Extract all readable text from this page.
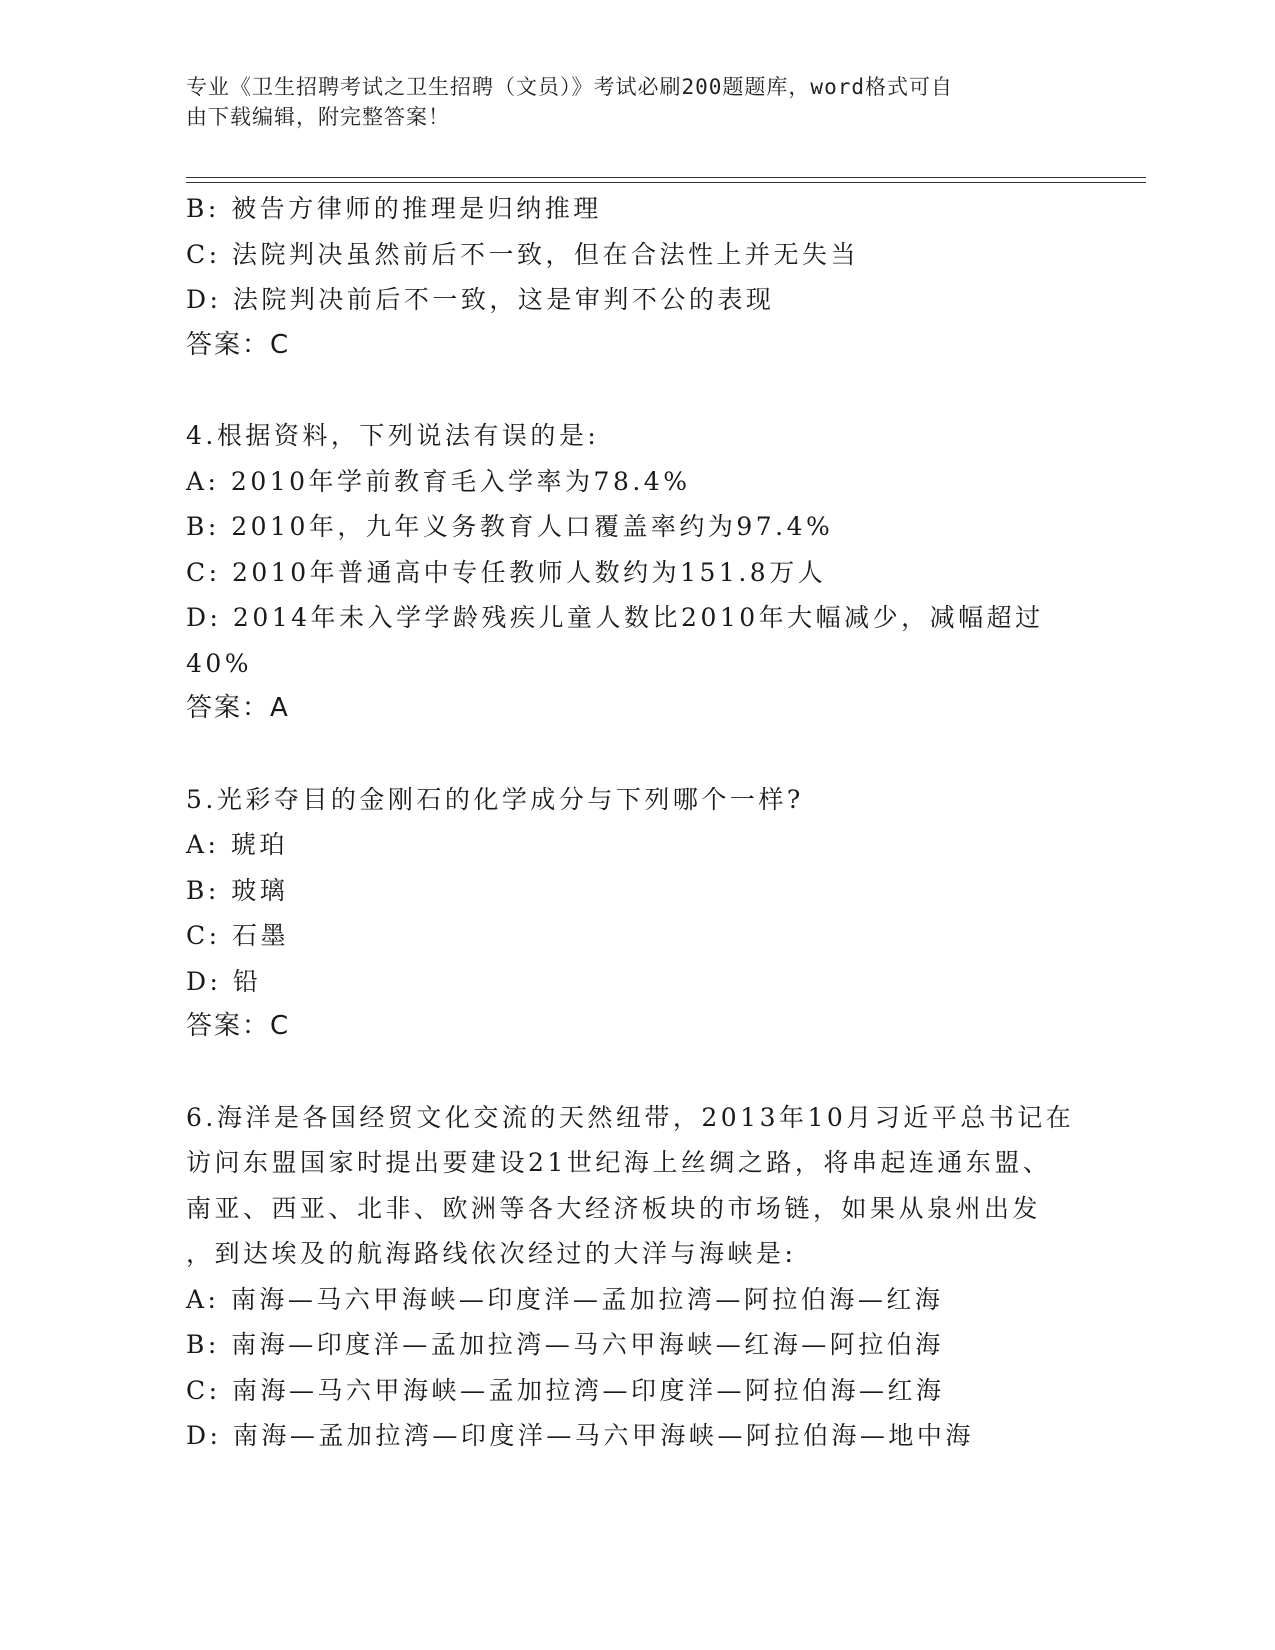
专业《卫生招聘考试之卫生招聘（文员）》考试必刷200题题库，word格式可自
由下载编辑，附完整答案！
B: 被告方律师的推理是归纳推理
C: 法院判决虽然前后不一致，但在合法性上并无失当
D: 法院判决前后不一致，这是审判不公的表现
答案：C
4.根据资料，下列说法有误的是:
A: 2010年学前教育毛入学率为78.4%
B: 2010年，九年义务教育人口覆盖率约为97.4%
C: 2010年普通高中专任教师人数约为151.8万人
D: 2014年未入学学龄残疾儿童人数比2010年大幅减少，减幅超过
40%
答案：A
5.光彩夺目的金刚石的化学成分与下列哪个一样?
A: 琥珀
B: 玻璃
C: 石墨
D: 铅
答案：C
6.海洋是各国经贸文化交流的天然纽带，2013年10月习近平总书记在
访问东盟国家时提出要建设21世纪海上丝绸之路，将串起连通东盟、
南亚、西亚、北非、欧洲等各大经济板块的市场链，如果从泉州出发
，到达埃及的航海路线依次经过的大洋与海峡是:
A: 南海—马六甲海峡—印度洋—孟加拉湾—阿拉伯海—红海
B: 南海—印度洋—孟加拉湾—马六甲海峡—红海—阿拉伯海
C: 南海—马六甲海峡—孟加拉湾—印度洋—阿拉伯海—红海
D: 南海—孟加拉湾—印度洋—马六甲海峡—阿拉伯海—地中海
